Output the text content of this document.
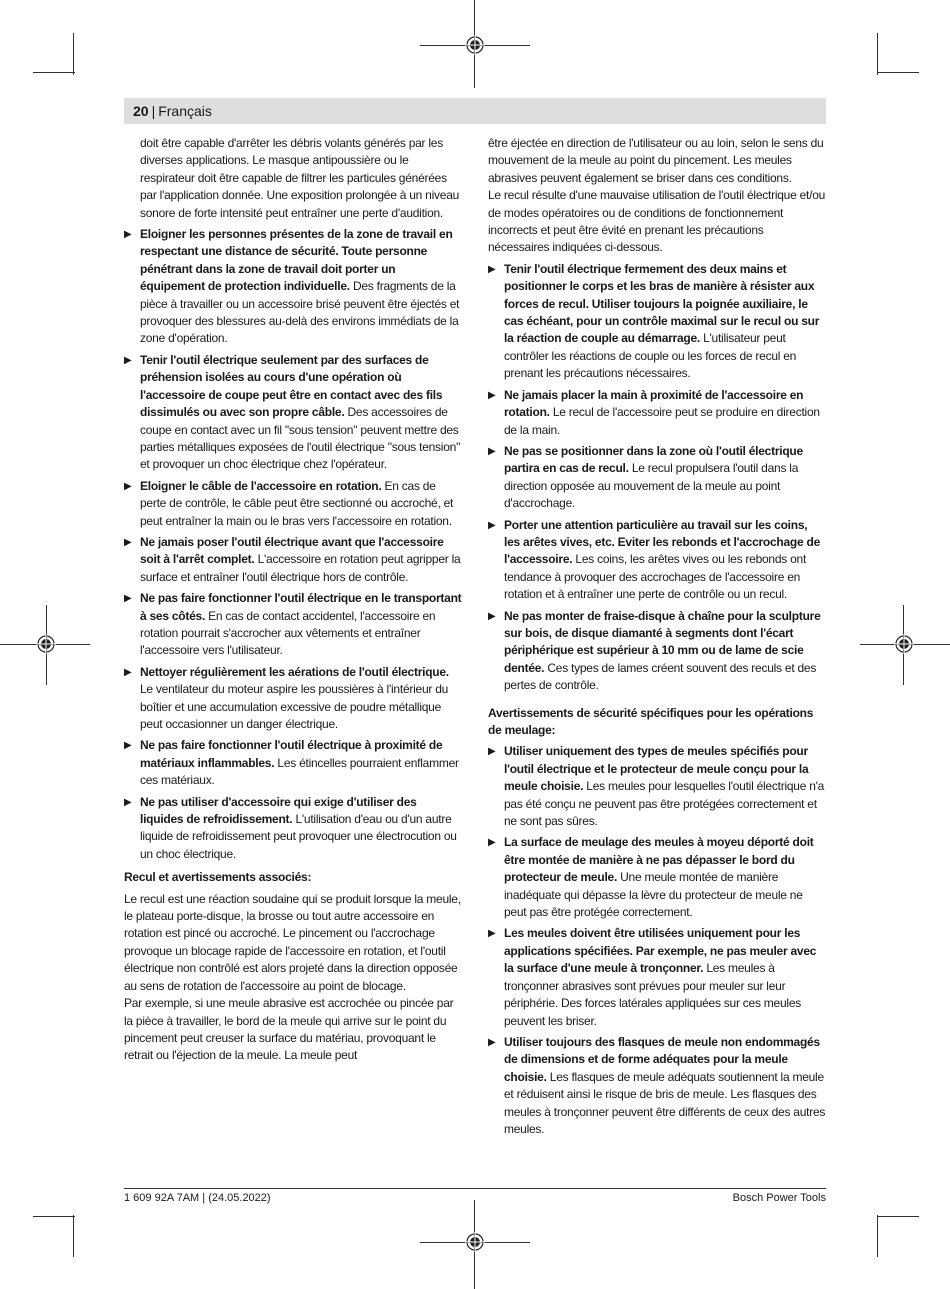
20 | Français

doit être capable d'arrêter les débris volants générés par les diverses applications. Le masque antipoussière ou le respirateur doit être capable de filtrer les particules générées par l'application donnée. Une exposition prolongée à un niveau sonore de forte intensité peut entraîner une perte d'audition.

▶ Eloigner les personnes présentes de la zone de travail en respectant une distance de sécurité. Toute personne pénétrant dans la zone de travail doit porter un équipement de protection individuelle. Des fragments de la pièce à travailler ou un accessoire brisé peuvent être éjectés et provoquer des blessures au-delà des environs immédiats de la zone d'opération.
▶ Tenir l'outil électrique seulement par des surfaces de préhension isolées au cours d'une opération où l'accessoire de coupe peut être en contact avec des fils dissimulés ou avec son propre câble. Des accessoires de coupe en contact avec un fil "sous tension" peuvent mettre des parties métalliques exposées de l'outil électrique "sous tension" et provoquer un choc électrique chez l'opérateur.
▶ Eloigner le câble de l'accessoire en rotation. En cas de perte de contrôle, le câble peut être sectionné ou accroché, et peut entraîner la main ou le bras vers l'accessoire en rotation.
▶ Ne jamais poser l'outil électrique avant que l'accessoire soit à l'arrêt complet. L'accessoire en rotation peut agripper la surface et entraîner l'outil électrique hors de contrôle.
▶ Ne pas faire fonctionner l'outil électrique en le transportant à ses côtés. En cas de contact accidentel, l'accessoire en rotation pourrait s'accrocher aux vêtements et entraîner l'accessoire vers l'utilisateur.
▶ Nettoyer régulièrement les aérations de l'outil électrique. Le ventilateur du moteur aspire les poussières à l'intérieur du boîtier et une accumulation excessive de poudre métallique peut occasionner un danger électrique.
▶ Ne pas faire fonctionner l'outil électrique à proximité de matériaux inflammables. Les étincelles pourraient enflammer ces matériaux.
▶ Ne pas utiliser d'accessoire qui exige d'utiliser des liquides de refroidissement. L'utilisation d'eau ou d'un autre liquide de refroidissement peut provoquer une électrocution ou un choc électrique.

Recul et avertissements associés:

Le recul est une réaction soudaine qui se produit lorsque la meule, le plateau porte-disque, la brosse ou tout autre accessoire en rotation est pincé ou accroché. Le pincement ou l'accrochage provoque un blocage rapide de l'accessoire en rotation, et l'outil électrique non contrôlé est alors projeté dans la direction opposée au sens de rotation de l'accessoire au point de blocage.

Par exemple, si une meule abrasive est accrochée ou pincée par la pièce à travailler, le bord de la meule qui arrive sur le point du pincement peut creuser la surface du matériau, provoquant le retrait ou l'éjection de la meule. La meule peut

être éjectée en direction de l'utilisateur ou au loin, selon le sens du mouvement de la meule au point du pincement. Les meules abrasives peuvent également se briser dans ces conditions.

Le recul résulte d'une mauvaise utilisation de l'outil électrique et/ou de modes opératoires ou de conditions de fonctionnement incorrects et peut être évité en prenant les précautions nécessaires indiquées ci-dessous.

▶ Tenir l'outil électrique fermement des deux mains et positionner le corps et les bras de manière à résister aux forces de recul. Utiliser toujours la poignée auxiliaire, le cas échéant, pour un contrôle maximal sur le recul ou sur la réaction de couple au démarrage. L'utilisateur peut contrôler les réactions de couple ou les forces de recul en prenant les précautions nécessaires.
▶ Ne jamais placer la main à proximité de l'accessoire en rotation. Le recul de l'accessoire peut se produire en direction de la main.
▶ Ne pas se positionner dans la zone où l'outil électrique partira en cas de recul. Le recul propulsera l'outil dans la direction opposée au mouvement de la meule au point d'accrochage.
▶ Porter une attention particulière au travail sur les coins, les arêtes vives, etc. Eviter les rebonds et l'accrochage de l'accessoire. Les coins, les arêtes vives ou les rebonds ont tendance à provoquer des accrochages de l'accessoire en rotation et à entraîner une perte de contrôle ou un recul.
▶ Ne pas monter de fraise-disque à chaîne pour la sculpture sur bois, de disque diamanté à segments dont l'écart périphérique est supérieur à 10 mm ou de lame de scie dentée. Ces types de lames créent souvent des reculs et des pertes de contrôle.

Avertissements de sécurité spécifiques pour les opérations de meulage:

▶ Utiliser uniquement des types de meules spécifiés pour l'outil électrique et le protecteur de meule conçu pour la meule choisie. Les meules pour lesquelles l'outil électrique n'a pas été conçu ne peuvent pas être protégées correctement et ne sont pas sûres.
▶ La surface de meulage des meules à moyeu déporté doit être montée de manière à ne pas dépasser le bord du protecteur de meule. Une meule montée de manière inadéquate qui dépasse la lèvre du protecteur de meule ne peut pas être protégée correctement.
▶ Les meules doivent être utilisées uniquement pour les applications spécifiées. Par exemple, ne pas meuler avec la surface d'une meule à tronçonner. Les meules à tronçonner abrasives sont prévues pour meuler sur leur périphérie. Des forces latérales appliquées sur ces meules peuvent les briser.
▶ Utiliser toujours des flasques de meule non endommagés de dimensions et de forme adéquates pour la meule choisie. Les flasques de meule adéquats soutiennent la meule et réduisent ainsi le risque de bris de meule. Les flasques des meules à tronçonner peuvent être différents de ceux des autres meules.
1 609 92A 7AM | (24.05.2022)	Bosch Power Tools
